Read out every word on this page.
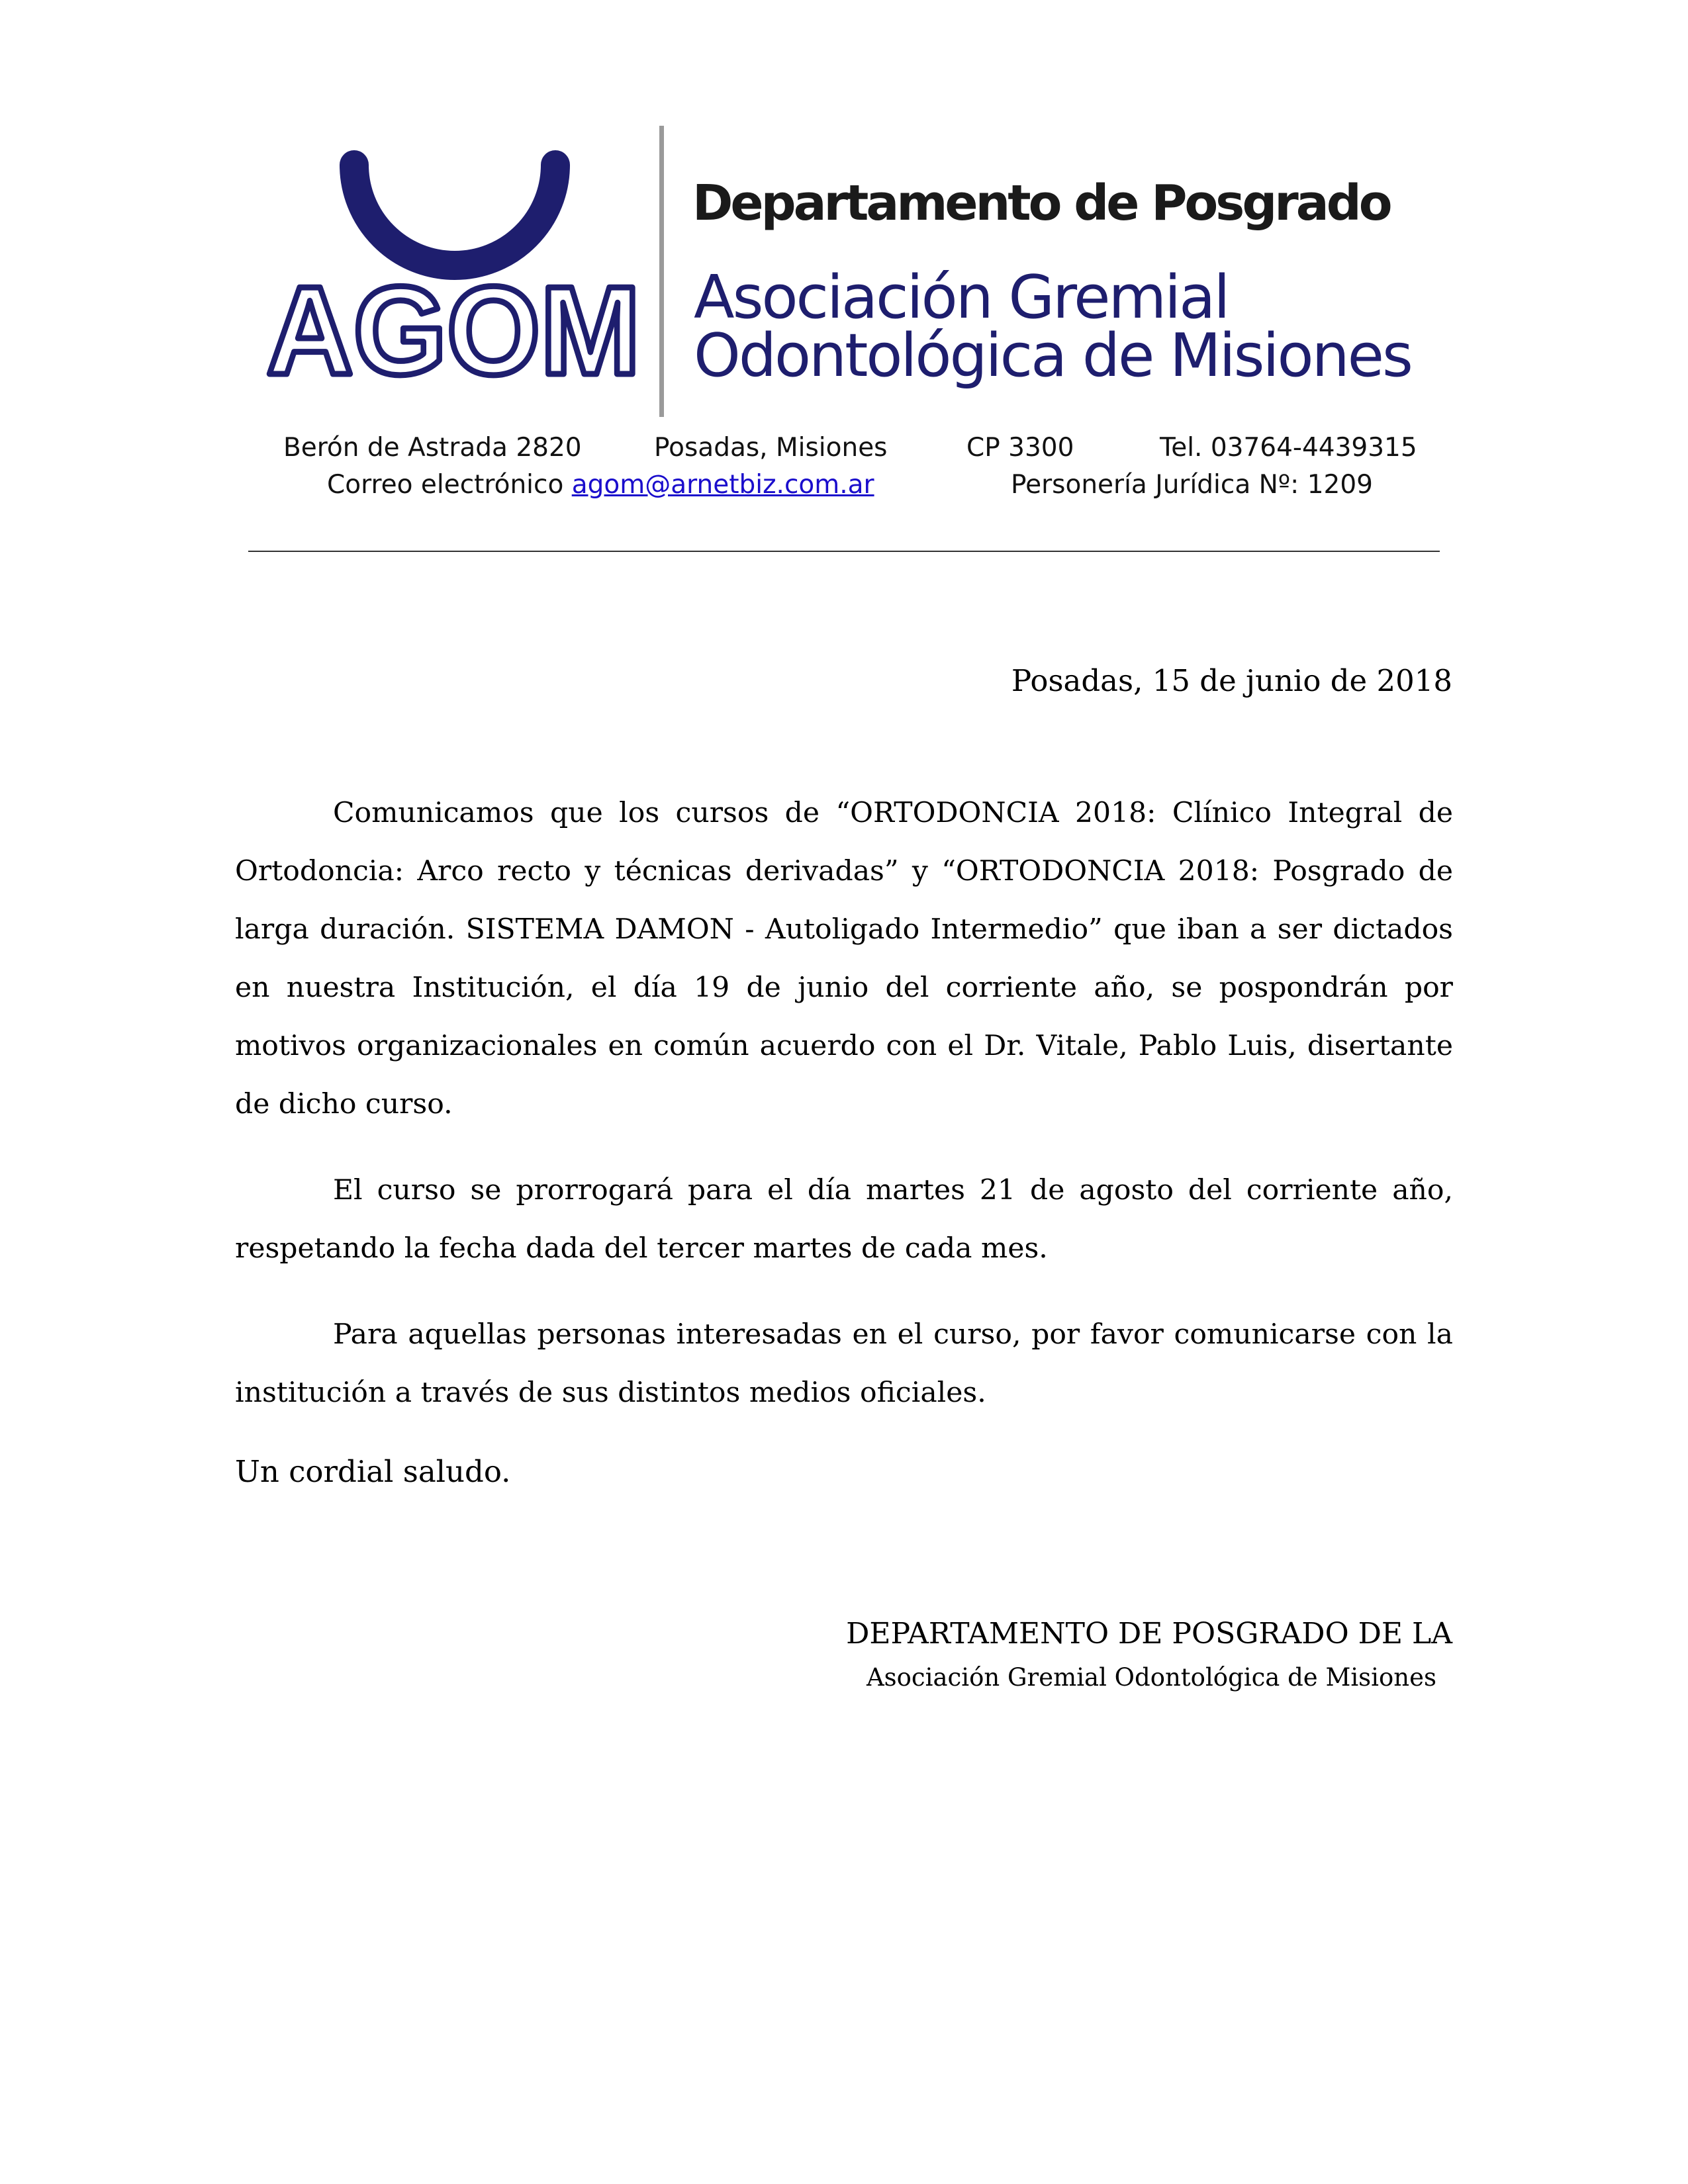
AGOM
Departamento de Posgrado
Asociación Gremial
Odontológica de Misiones
Berón de Astrada 2820	Posadas, Misiones	CP 3300	Tel. 03764-4439315
Correo electrónico agom@arnetbiz.com.ar	Personería Jurídica Nº: 1209
Posadas, 15 de junio de 2018

Comunicamos que los cursos de “ORTODONCIA 2018: Clínico Integral de Ortodoncia: Arco recto y técnicas derivadas” y “ORTODONCIA 2018: Posgrado de larga duración. SISTEMA DAMON - Autoligado Intermedio” que iban a ser dictados en nuestra Institución, el día 19 de junio del corriente año, se pospondrán por motivos organizacionales en común acuerdo con el Dr. Vitale, Pablo Luis, disertante de dicho curso.

El curso se prorrogará para el día martes 21 de agosto del corriente año, respetando la fecha dada del tercer martes de cada mes.

Para aquellas personas interesadas en el curso, por favor comunicarse con la institución a través de sus distintos medios oficiales.

Un cordial saludo.
DEPARTAMENTO DE POSGRADO DE LA
Asociación Gremial Odontológica de Misiones
